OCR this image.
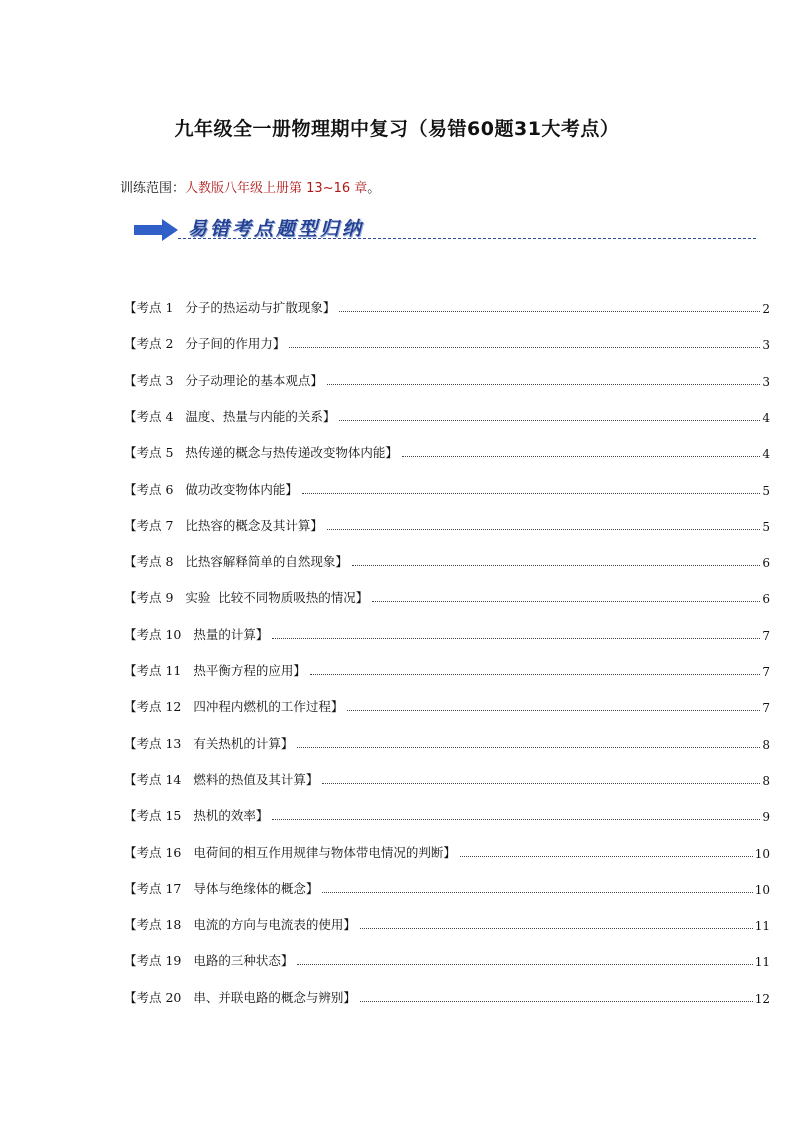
九年级全一册物理期中复习（易错60题31大考点）
训练范围：人教版八年级上册第 13~16 章。
易错考点题型归纳
【考点 1 分子的热运动与扩散现象】	2
【考点 2 分子间的作用力】	3
【考点 3 分子动理论的基本观点】	3
【考点 4 温度、热量与内能的关系】	4
【考点 5 热传递的概念与热传递改变物体内能】	4
【考点 6 做功改变物体内能】	5
【考点 7 比热容的概念及其计算】	5
【考点 8 比热容解释简单的自然现象】	6
【考点 9 实验  比较不同物质吸热的情况】	6
【考点 10 热量的计算】	7
【考点 11 热平衡方程的应用】	7
【考点 12 四冲程内燃机的工作过程】	7
【考点 13 有关热机的计算】	8
【考点 14 燃料的热值及其计算】	8
【考点 15 热机的效率】	9
【考点 16 电荷间的相互作用规律与物体带电情况的判断】	10
【考点 17 导体与绝缘体的概念】	10
【考点 18 电流的方向与电流表的使用】	11
【考点 19 电路的三种状态】	11
【考点 20 串、并联电路的概念与辨别】	12
